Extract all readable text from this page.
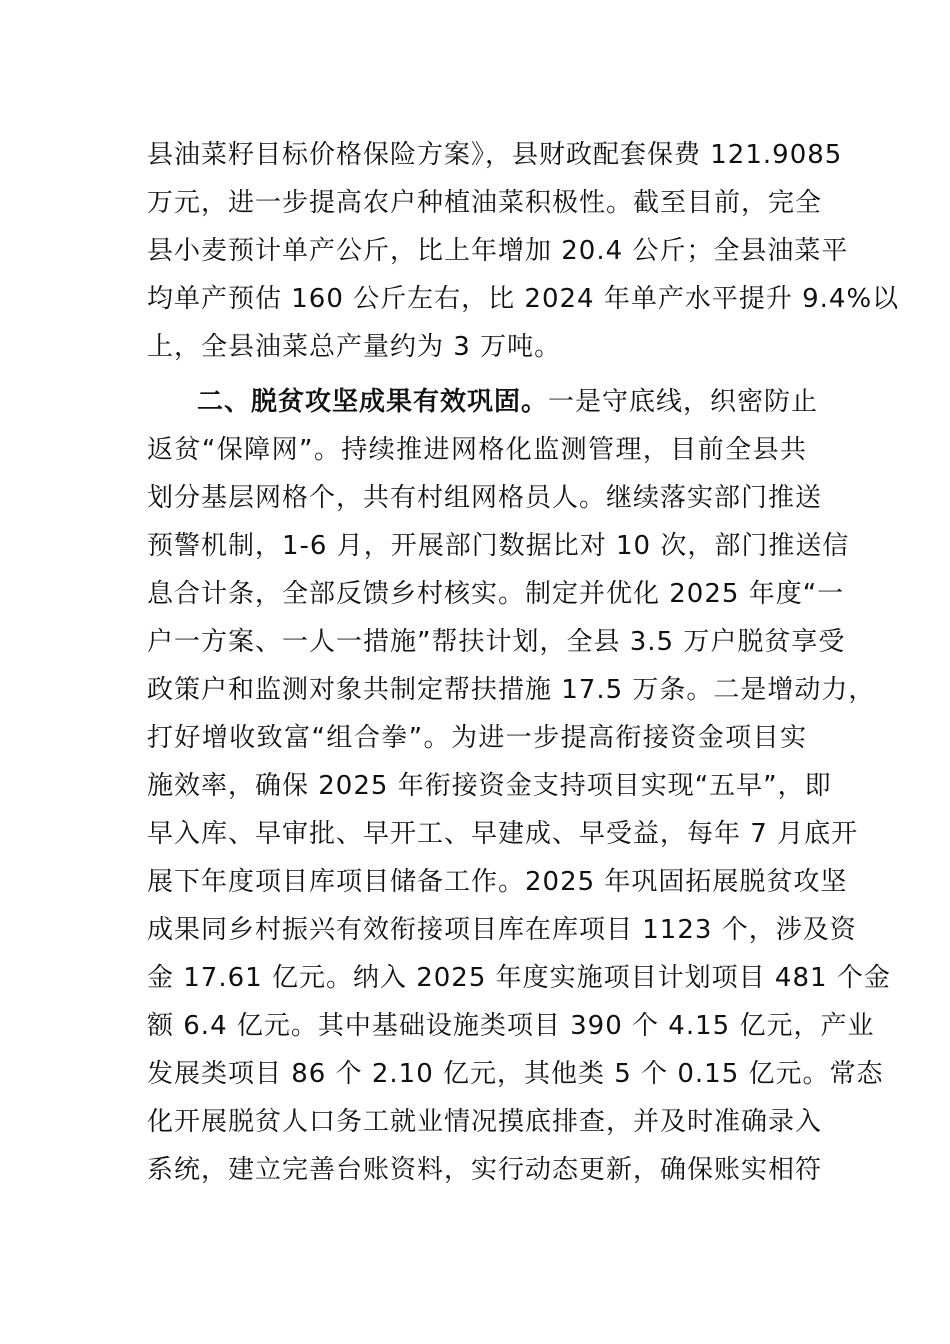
县油菜籽目标价格保险方案》，县财政配套保费 121.9085
万元，进一步提高农户种植油菜积极性。截至目前，完全
县小麦预计单产公斤，比上年增加 20.4 公斤；全县油菜平
均单产预估 160 公斤左右，比 2024 年单产水平提升 9.4%以
上，全县油菜总产量约为 3 万吨。
二、脱贫攻坚成果有效巩固。一是守底线，织密防止
返贫“保障网”。持续推进网格化监测管理，目前全县共
划分基层网格个，共有村组网格员人。继续落实部门推送
预警机制，1-6 月，开展部门数据比对 10 次，部门推送信
息合计条，全部反馈乡村核实。制定并优化 2025 年度“一
户一方案、一人一措施”帮扶计划，全县 3.5 万户脱贫享受
政策户和监测对象共制定帮扶措施 17.5 万条。二是增动力，
打好增收致富“组合拳”。为进一步提高衔接资金项目实
施效率，确保 2025 年衔接资金支持项目实现“五早”，即
早入库、早审批、早开工、早建成、早受益，每年 7 月底开
展下年度项目库项目储备工作。2025 年巩固拓展脱贫攻坚
成果同乡村振兴有效衔接项目库在库项目 1123 个，涉及资
金 17.61 亿元。纳入 2025 年度实施项目计划项目 481 个金
额 6.4 亿元。其中基础设施类项目 390 个 4.15 亿元，产业
发展类项目 86 个 2.10 亿元，其他类 5 个 0.15 亿元。常态
化开展脱贫人口务工就业情况摸底排查，并及时准确录入
系统，建立完善台账资料，实行动态更新，确保账实相符
